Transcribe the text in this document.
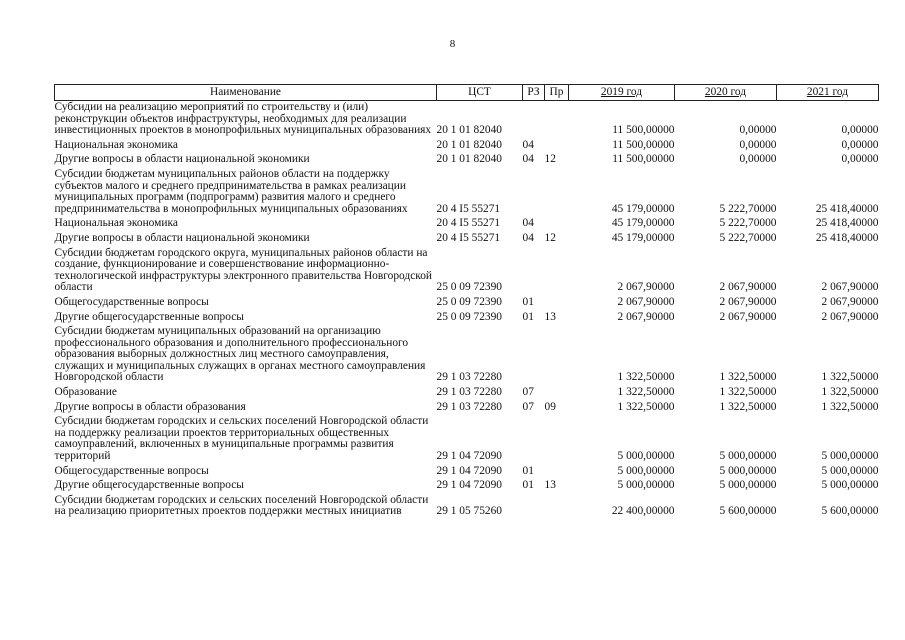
8
Наименование	ЦСТ	РЗ	Пр	2019 год	2020 год	2021 год
Субсидии на реализацию мероприятий по строительству и (или) реконструкции объектов инфраструктуры, необходимых для реализации инвестиционных проектов в монопрофильных муниципальных образованиях	20 1 01 82040			11 500,00000	0,00000	0,00000
Национальная экономика	20 1 01 82040	04		11 500,00000	0,00000	0,00000
Другие вопросы в области национальной экономики	20 1 01 82040	04	12	11 500,00000	0,00000	0,00000
Субсидии бюджетам муниципальных районов области на поддержку субъектов малого и среднего предпринимательства в рамках реализации муниципальных программ (подпрограмм) развития малого и среднего предпринимательства в монопрофильных муниципальных образованиях	20 4 I5 55271			45 179,00000	5 222,70000	25 418,40000
Национальная экономика	20 4 I5 55271	04		45 179,00000	5 222,70000	25 418,40000
Другие вопросы в области национальной экономики	20 4 I5 55271	04	12	45 179,00000	5 222,70000	25 418,40000
Субсидии бюджетам городского округа, муниципальных районов области на создание, функционирование и совершенствование информационно-технологической инфраструктуры электронного правительства Новгородской области	25 0 09 72390			2 067,90000	2 067,90000	2 067,90000
Общегосударственные вопросы	25 0 09 72390	01		2 067,90000	2 067,90000	2 067,90000
Другие общегосударственные вопросы	25 0 09 72390	01	13	2 067,90000	2 067,90000	2 067,90000
Субсидии бюджетам муниципальных образований на организацию профессионального образования и дополнительного профессионального образования выборных должностных лиц местного самоуправления, служащих и муниципальных служащих в органах местного самоуправления Новгородской области	29 1 03 72280			1 322,50000	1 322,50000	1 322,50000
Образование	29 1 03 72280	07		1 322,50000	1 322,50000	1 322,50000
Другие вопросы в области образования	29 1 03 72280	07	09	1 322,50000	1 322,50000	1 322,50000
Субсидии бюджетам городских и сельских поселений Новгородской области на поддержку реализации проектов территориальных общественных самоуправлений, включенных в муниципальные программы развития территорий	29 1 04 72090			5 000,00000	5 000,00000	5 000,00000
Общегосударственные вопросы	29 1 04 72090	01		5 000,00000	5 000,00000	5 000,00000
Другие общегосударственные вопросы	29 1 04 72090	01	13	5 000,00000	5 000,00000	5 000,00000
Субсидии бюджетам городских и сельских поселений Новгородской области на реализацию приоритетных проектов поддержки местных инициатив	29 1 05 75260			22 400,00000	5 600,00000	5 600,00000
